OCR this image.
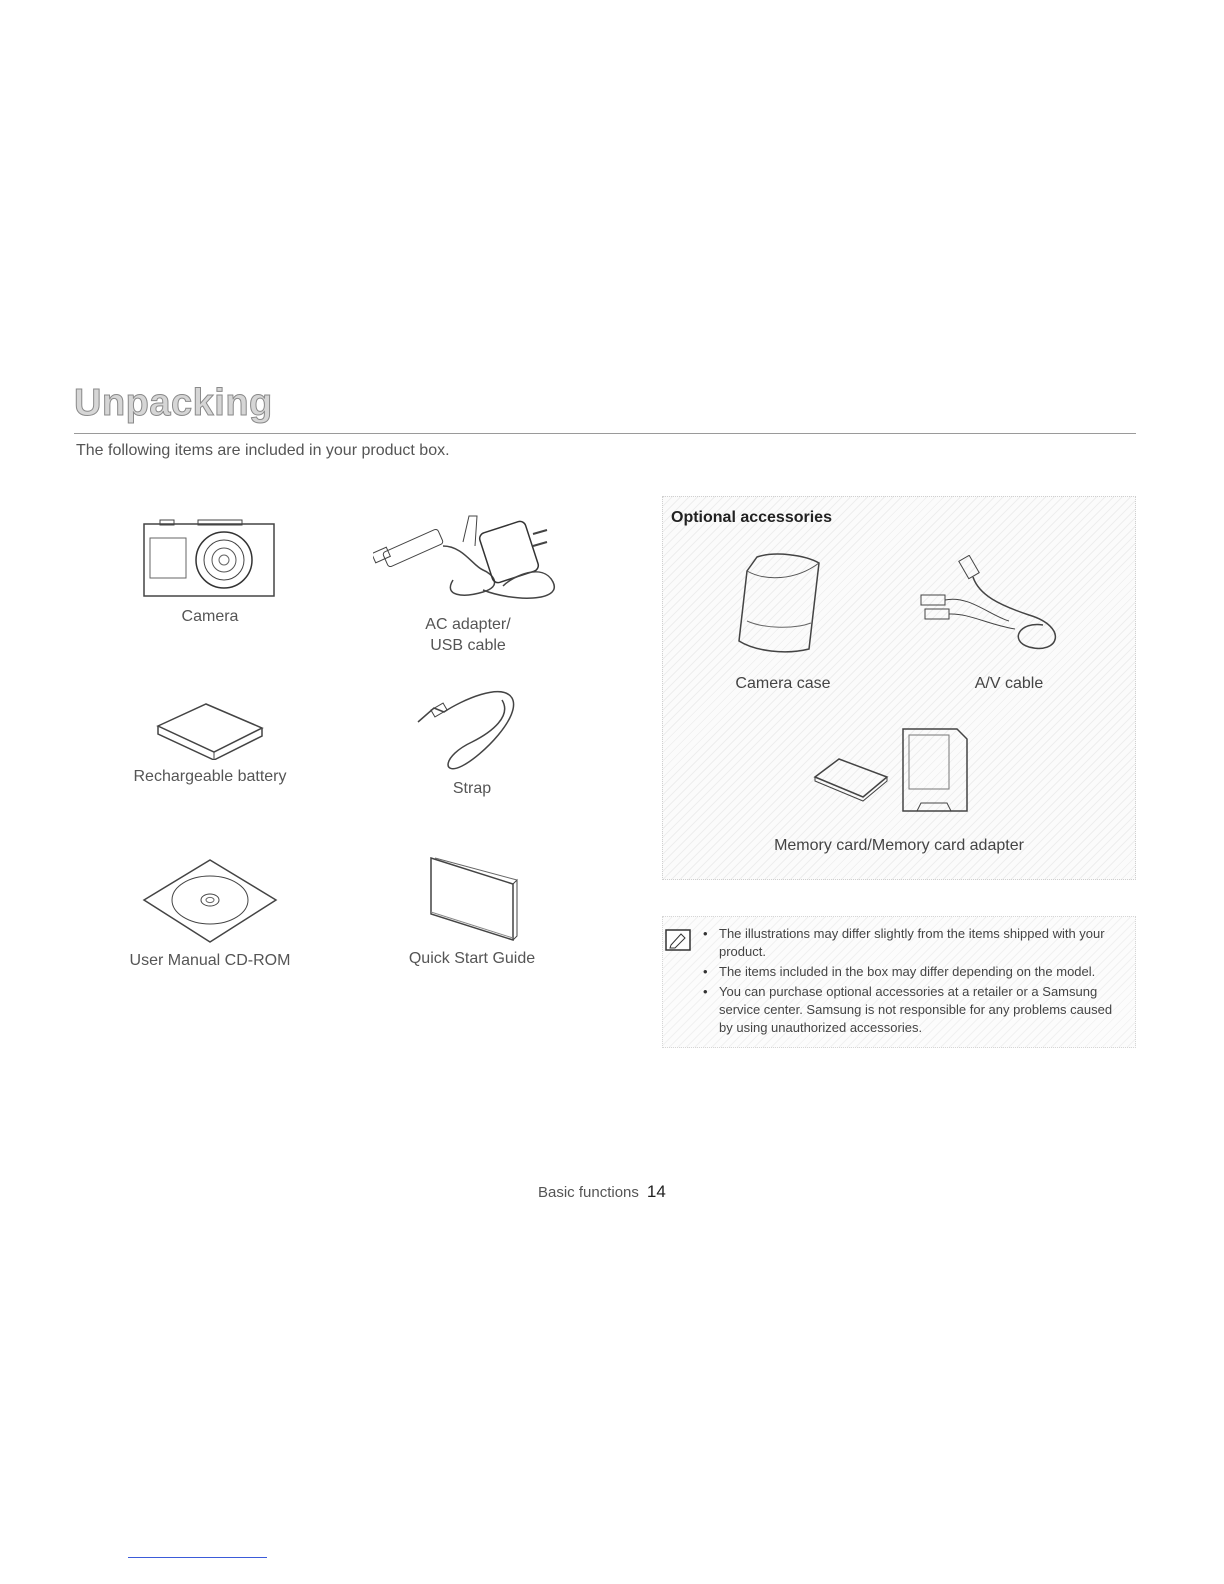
Unpacking
The following items are included in your product box.
Camera	AC adapter/
USB cable
Rechargeable battery
Strap
User Manual CD-ROM	Quick Start Guide
Optional accessories
Camera case	A/V cable
Memory card/Memory card adapter
• The illustrations may differ slightly from the items shipped with your product.
• The items included in the box may differ depending on the model.
• You can purchase optional accessories at a retailer or a Samsung service center. Samsung is not responsible for any problems caused by using unauthorized accessories.
Basic functions 14
